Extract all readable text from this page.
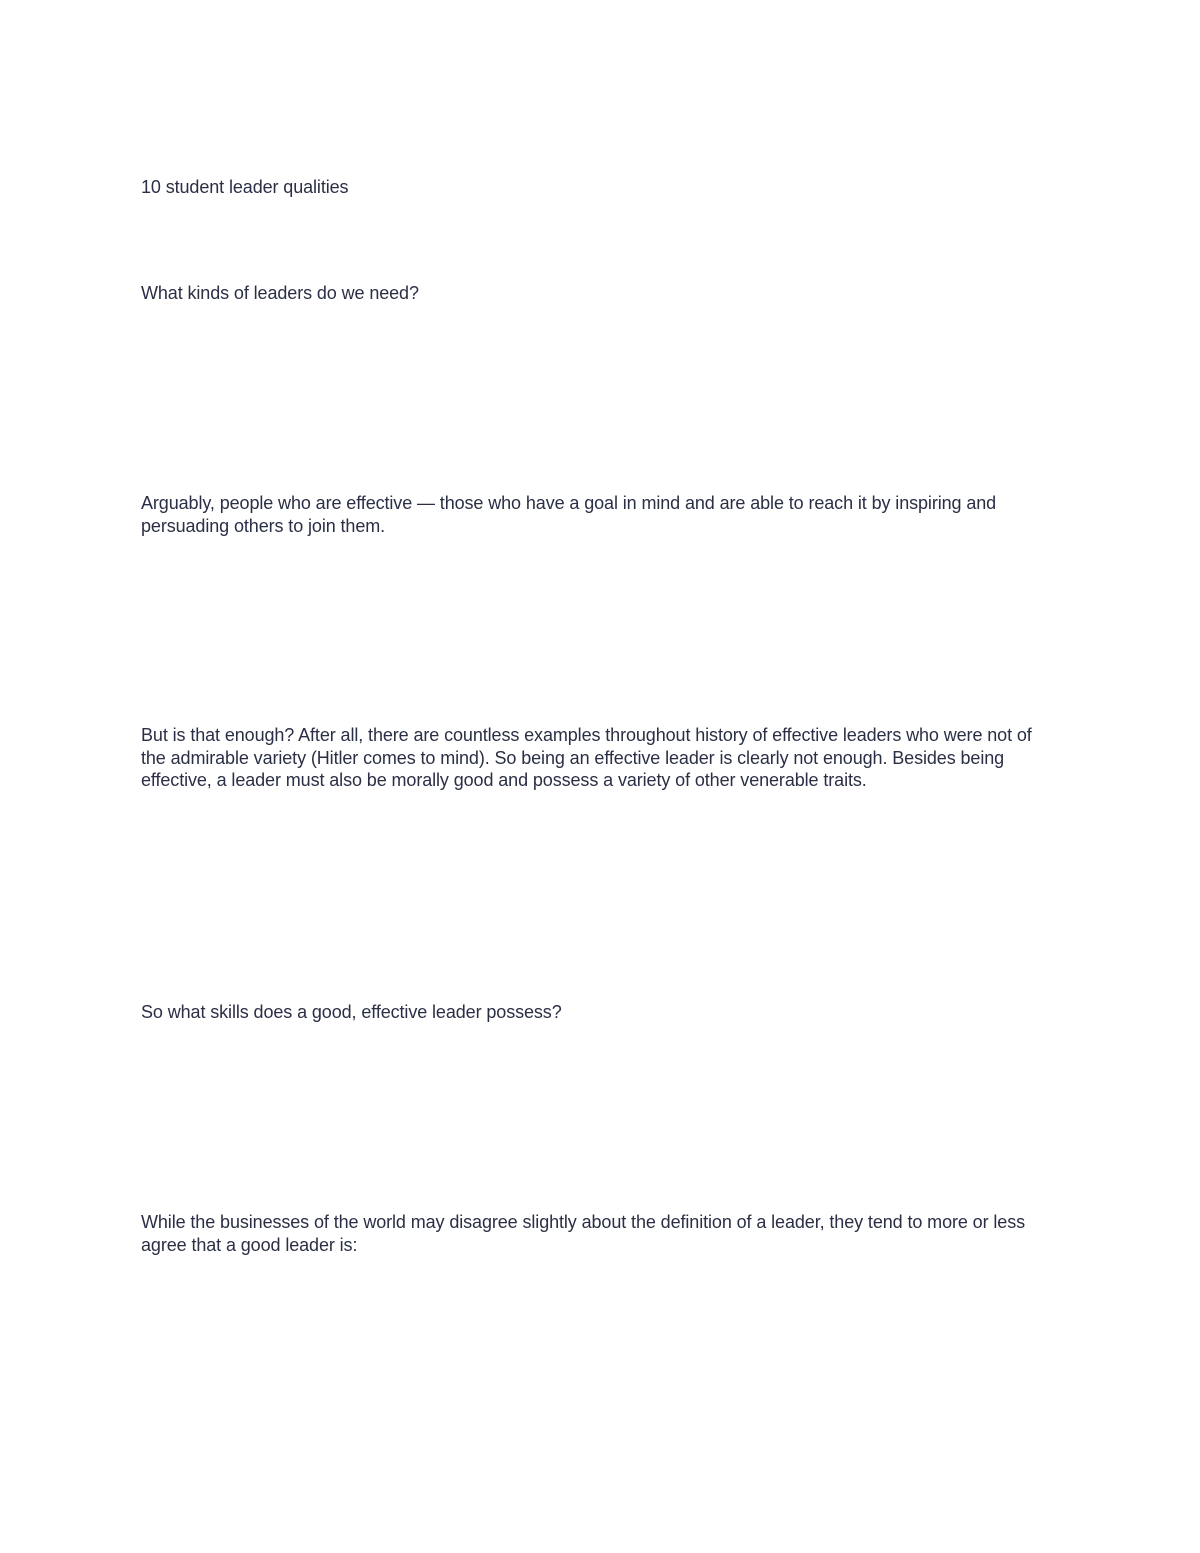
10 student leader qualities

What kinds of leaders do we need?

Arguably, people who are effective — those who have a goal in mind and are able to reach it by inspiring and persuading others to join them.

But is that enough? After all, there are countless examples throughout history of effective leaders who were not of the admirable variety (Hitler comes to mind). So being an effective leader is clearly not enough. Besides being effective, a leader must also be morally good and possess a variety of other venerable traits.

So what skills does a good, effective leader possess?

While the businesses of the world may disagree slightly about the definition of a leader, they tend to more or less agree that a good leader is:
